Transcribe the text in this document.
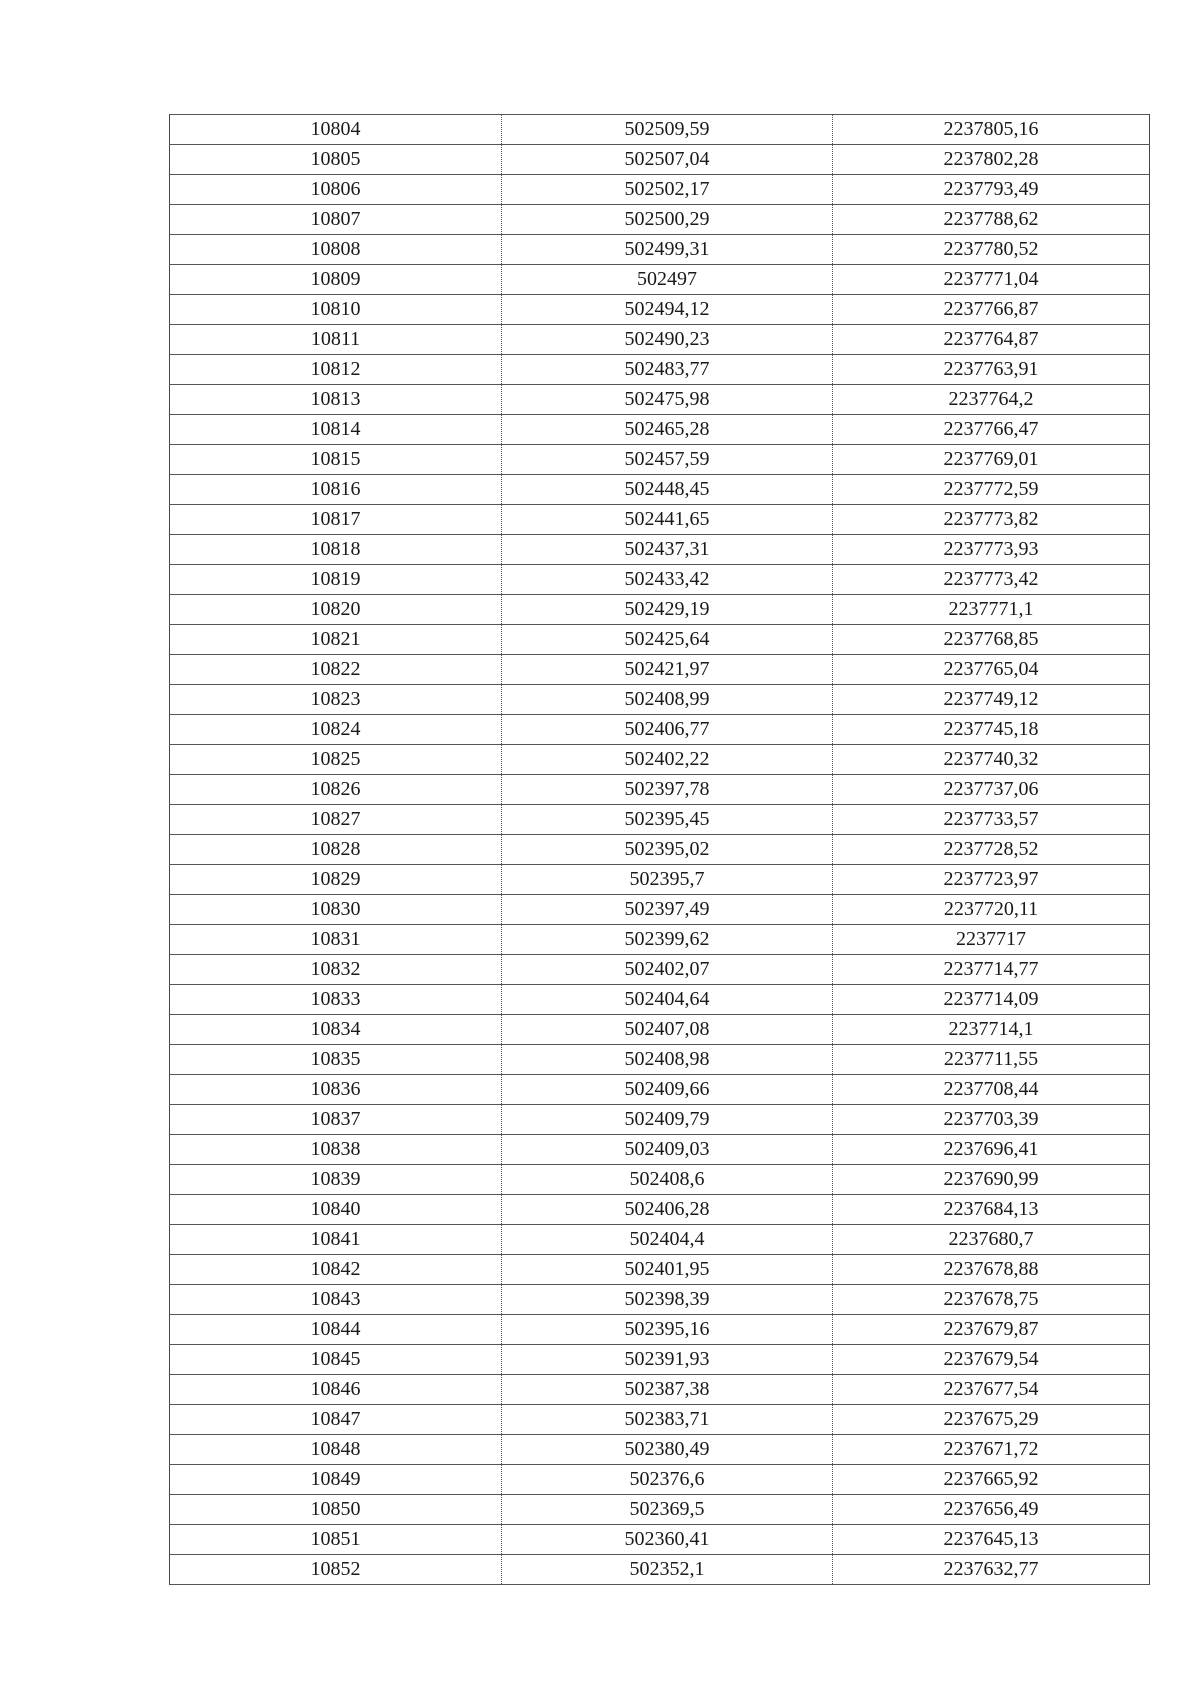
10804	502509,59	2237805,16
10805	502507,04	2237802,28
10806	502502,17	2237793,49
10807	502500,29	2237788,62
10808	502499,31	2237780,52
10809	502497	2237771,04
10810	502494,12	2237766,87
10811	502490,23	2237764,87
10812	502483,77	2237763,91
10813	502475,98	2237764,2
10814	502465,28	2237766,47
10815	502457,59	2237769,01
10816	502448,45	2237772,59
10817	502441,65	2237773,82
10818	502437,31	2237773,93
10819	502433,42	2237773,42
10820	502429,19	2237771,1
10821	502425,64	2237768,85
10822	502421,97	2237765,04
10823	502408,99	2237749,12
10824	502406,77	2237745,18
10825	502402,22	2237740,32
10826	502397,78	2237737,06
10827	502395,45	2237733,57
10828	502395,02	2237728,52
10829	502395,7	2237723,97
10830	502397,49	2237720,11
10831	502399,62	2237717
10832	502402,07	2237714,77
10833	502404,64	2237714,09
10834	502407,08	2237714,1
10835	502408,98	2237711,55
10836	502409,66	2237708,44
10837	502409,79	2237703,39
10838	502409,03	2237696,41
10839	502408,6	2237690,99
10840	502406,28	2237684,13
10841	502404,4	2237680,7
10842	502401,95	2237678,88
10843	502398,39	2237678,75
10844	502395,16	2237679,87
10845	502391,93	2237679,54
10846	502387,38	2237677,54
10847	502383,71	2237675,29
10848	502380,49	2237671,72
10849	502376,6	2237665,92
10850	502369,5	2237656,49
10851	502360,41	2237645,13
10852	502352,1	2237632,77
